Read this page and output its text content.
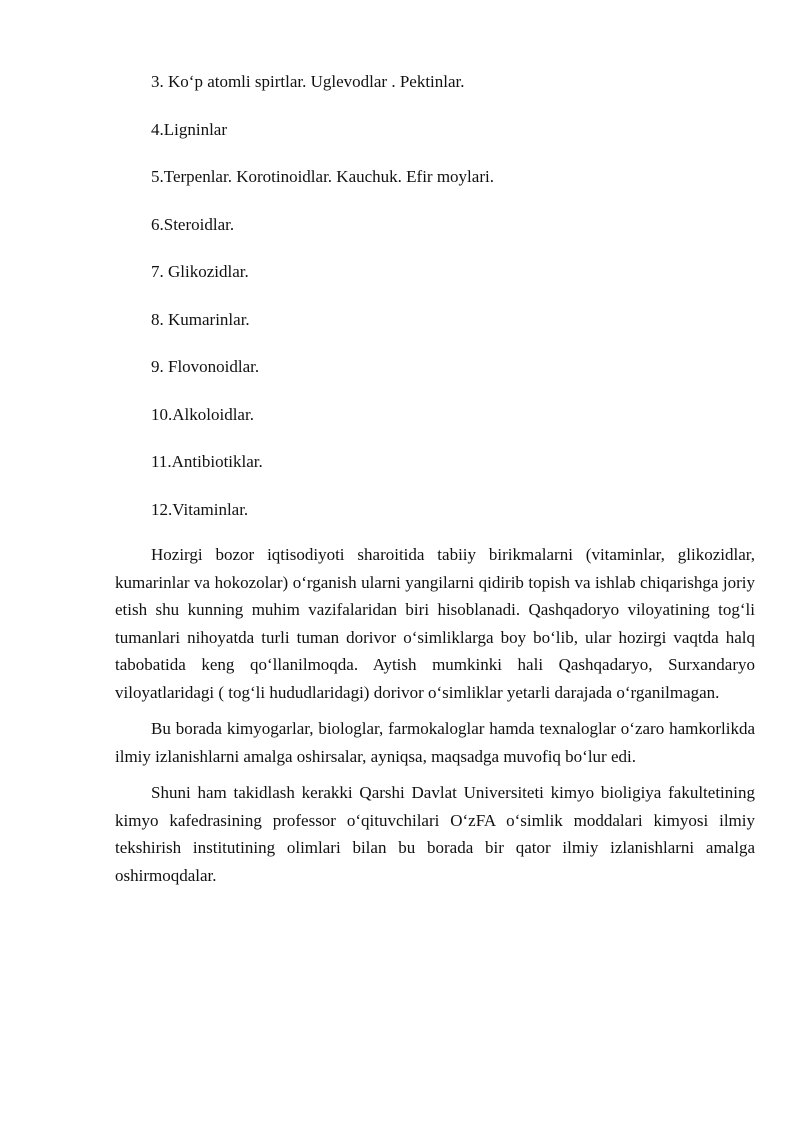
3. Ko‘p atomli spirtlar. Uglevodlar . Pektinlar.
4.Ligninlar
5.Terpenlar. Korotinoidlar. Kauchuk. Efir moylari.
6.Steroidlar.
7. Glikozidlar.
8. Kumarinlar.
9. Flovonoidlar.
10.Alkoloidlar.
11.Antibiotiklar.
12.Vitaminlar.

Hozirgi bozor iqtisodiyoti sharoitida tabiiy birikmalarni (vitaminlar, glikozidlar, kumarinlar va hokozolar) o‘rganish ularni yangilarni qidirib topish va ishlab chiqarishga joriy etish shu kunning muhim vazifalaridan biri hisoblanadi. Qashqadoryo viloyatining tog‘li tumanlari nihoyatda turli tuman dorivor o‘simliklarga boy bo‘lib, ular hozirgi vaqtda halq tabobatida keng qo‘llanilmoqda. Aytish mumkinki hali Qashqadaryo, Surxandaryo viloyatlaridagi ( tog‘li hududlaridagi) dorivor o‘simliklar yetarli darajada o‘rganilmagan.

Bu borada kimyogarlar, biologlar, farmokaloglar hamda texnaloglar o‘zaro hamkorlikda ilmiy izlanishlarni amalga oshirsalar, ayniqsa, maqsadga muvofiq bo‘lur edi.

Shuni ham takidlash kerakki Qarshi Davlat Universiteti kimyo bioligiya fakultetining kimyo kafedrasining professor o‘qituvchilari O‘zFA o‘simlik moddalari kimyosi ilmiy tekshirish institutining olimlari bilan bu borada bir qator ilmiy izlanishlarni amalga oshirmoqdalar.
